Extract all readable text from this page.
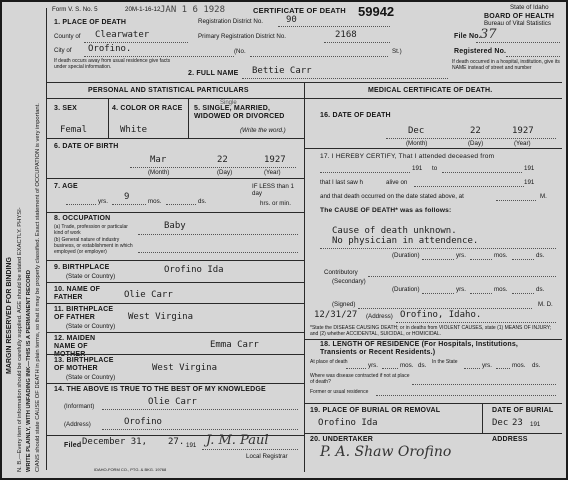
MARGIN RESERVED FOR BINDING N. B.—Every item of information should be carefully supplied. AGE should be stated EXACTLY. PHYSI- WRITE PLAINLY, WITH UNFADING INK—THIS IS A PERMANENT RECORD CIANS should state CAUSE OF DEATH in plain terms, so that it may be properly classified. Exact statement of OCCUPATION is very important.
Form V. S. No. 5	20M-1-16-12 JAN 1 6 1928	CERTIFICATE OF DEATH 59942	State of Idaho
BOARD OF HEALTH
Bureau of Vital Statistics
1. PLACE OF DEATH	Registration District No.	90
County of Clearwater	Primary Registration District No.	2168	File No. 37
City of Orofino.	(No.	St.)	Registered No.
If death occurs away from usual residence give facts under special information.
If death occurred in a hospital, institution, give its NAME instead of street and number
2. FULL NAME Bettie Carr
PERSONAL AND STATISTICAL PARTICULARS	MEDICAL CERTIFICATE OF DEATH.
3. SEX
Femal
4. COLOR OR RACE
White
5. SINGLE, MARRIED, WIDOWED OR DIVORCED
Single
(Write the word.)
6. DATE OF BIRTH
Mar	22	1927
(Month)	(Day)	(Year)
7. AGE
9
yrs.	mos.	ds.
IF LESS than 1 day
hrs. or min.
8. OCCUPATION
(a) Trade, profession or particular kind of work
Baby
(b) General nature of industry business, or establishment in which employed (or employer)
9. BIRTHPLACE
(State or Country)
Orofino Ida
10. NAME OF FATHER	Olie Carr
11. BIRTHPLACE OF FATHER
(State or Country)
West Virgina
12. MAIDEN NAME OF	Emma Carr
13. BIRTHPLACE OF MOTHER
(State or Country)
West Virgina
14. THE ABOVE IS TRUE TO THE BEST OF MY KNOWLEDGE
Olie Carr
(Informant)
(Address)	Orofino
Filed December 31, 27. 191 J. M. Paul
Local Registrar
IDAHO-FORM CO., PTG. & BKG. 19768
16. DATE OF DEATH
Dec	22	1927
(Month)	(Day)	(Year)
17. I HEREBY CERTIFY, That I attended deceased from
191 to	191
that I last saw h	alive on	191
and that death occurred on the date stated above, at	M.
The CAUSE OF DEATH* was as follows:
Cause of death unknown.
No physician in attendence.
(Duration)	yrs.	mos.	ds.
Contributory
(Secondary)
(Duration)	yrs.	mos.	ds.
(Signed)	M. D.
12/31/27 (Address) Orofino, Idaho.
*State the DISEASE CAUSING DEATH; or in deaths from VIOLENT CAUSES, state (1) MEANS OF INJURY; and (2) whether ACCIDENTAL, SUICIDAL, or HOMICIDAL.
18. LENGTH OF RESIDENCE (For Hospitals, Institutions, Transients or Recent Residents.)
At place of death	yrs.	mos. ds. In the State	yrs.	mos. ds.
Where was disease contracted if not at place of death?
Former or usual residence
19. PLACE OF BURIAL OR REMOVAL	DATE OF BURIAL
Orofino Ida	Dec 23 191
20. UNDERTAKER	ADDRESS
P. A. Shaw Orofino
